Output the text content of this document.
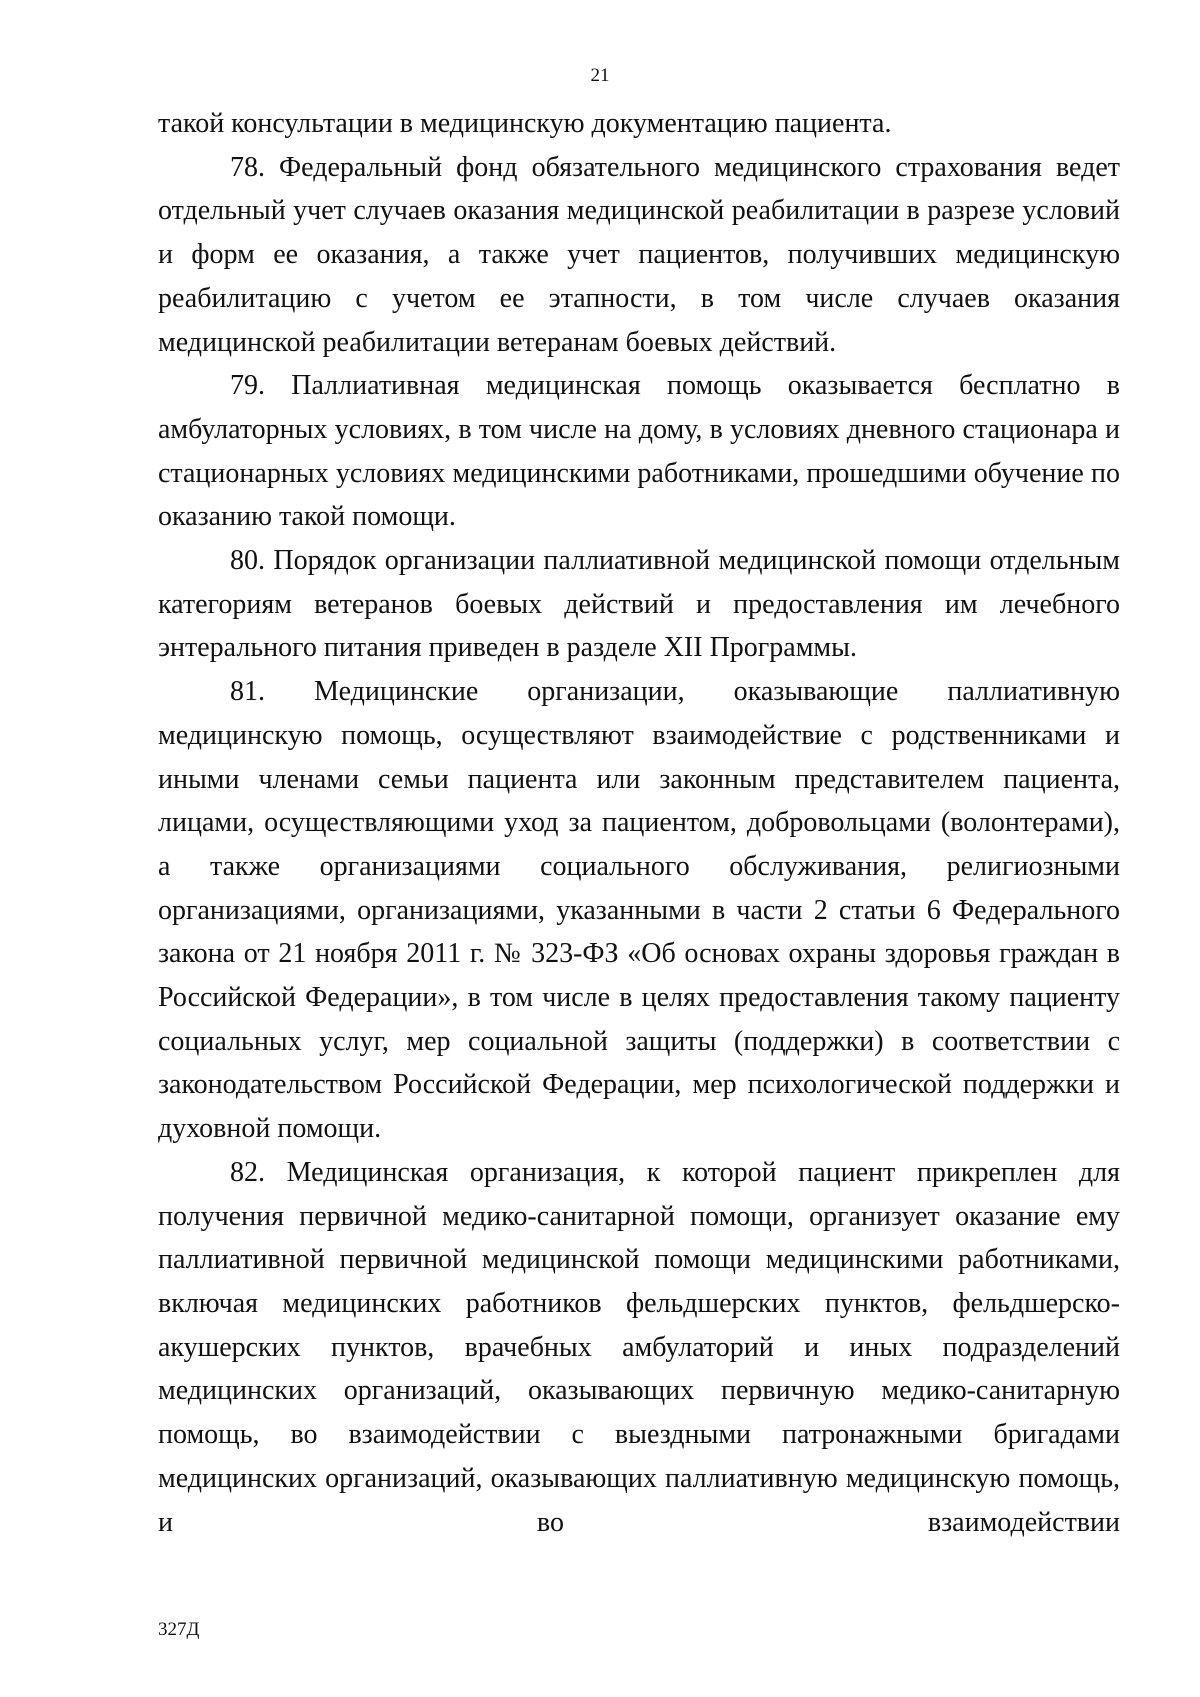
21

такой консультации в медицинскую документацию пациента.

78. Федеральный фонд обязательного медицинского страхования ведет отдельный учет случаев оказания медицинской реабилитации в разрезе условий и форм ее оказания, а также учет пациентов, получивших медицинскую реабилитацию с учетом ее этапности, в том числе случаев оказания медицинской реабилитации ветеранам боевых действий.

79. Паллиативная медицинская помощь оказывается бесплатно в амбулаторных условиях, в том числе на дому, в условиях дневного стационара и стационарных условиях медицинскими работниками, прошедшими обучение по оказанию такой помощи.

80. Порядок организации паллиативной медицинской помощи отдельным категориям ветеранов боевых действий и предоставления им лечебного энтерального питания приведен в разделе XII Программы.

81. Медицинские организации, оказывающие паллиативную медицинскую помощь, осуществляют взаимодействие с родственниками и иными членами семьи пациента или законным представителем пациента, лицами, осуществляющими уход за пациентом, добровольцами (волонтерами), а также организациями социального обслуживания, религиозными организациями, организациями, указанными в части 2 статьи 6 Федерального закона от 21 ноября 2011 г. № 323-ФЗ «Об основах охраны здоровья граждан в Российской Федерации», в том числе в целях предоставления такому пациенту социальных услуг, мер социальной защиты (поддержки) в соответствии с законодательством Российской Федерации, мер психологической поддержки и духовной помощи.

82. Медицинская организация, к которой пациент прикреплен для получения первичной медико-санитарной помощи, организует оказание ему паллиативной первичной медицинской помощи медицинскими работниками, включая медицинских работников фельдшерских пунктов, фельдшерско-акушерских пунктов, врачебных амбулаторий и иных подразделений медицинских организаций, оказывающих первичную медико-санитарную помощь, во взаимодействии с выездными патронажными бригадами медицинских организаций, оказывающих паллиативную медицинскую помощь, и во взаимодействии

327Д
